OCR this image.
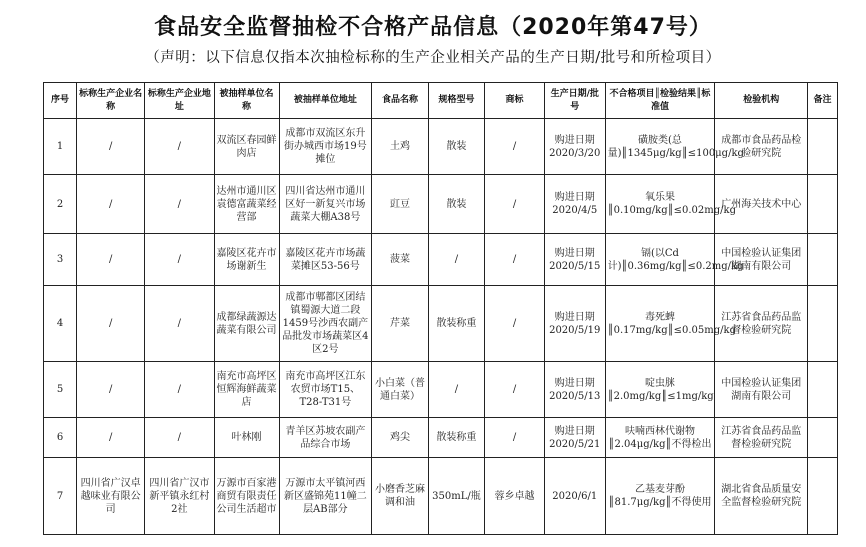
食品安全监督抽检不合格产品信息（2020年第47号）
（声明：以下信息仅指本次抽检标称的生产企业相关产品的生产日期/批号和所检项目）
序号	标称生产企业名称	标称生产企业地址	被抽样单位名称	被抽样单位地址	食品名称	规格型号	商标	生产日期/批号	不合格项目║检验结果║标准值	检验机构	备注
1	/	/	双流区春园鲜肉店	成都市双流区东升街办城西市场19号摊位	土鸡	散装	/	购进日期2020/3/20	磺胺类(总量)║1345μg/kg║≤100μg/kg	成都市食品药品检验研究院	
2	/	/	达州市通川区袁德富蔬菜经营部	四川省达州市通川区好一新复兴市场蔬菜大棚A38号	豇豆	散装	/	购进日期2020/4/5	氧乐果║0.10mg/kg║≤0.02mg/kg	广州海关技术中心	
3	/	/	嘉陵区花卉市场谢新生	嘉陵区花卉市场蔬菜摊区53-56号	菠菜	/	/	购进日期2020/5/15	镉(以Cd计)║0.36mg/kg║≤0.2mg/kg	中国检验认证集团湖南有限公司	
4	/	/	成都绿蔬源达蔬菜有限公司	成都市郫都区团结镇蜀源大道二段1459号沙西农副产品批发市场蔬菜区4区2号	芹菜	散装称重	/	购进日期2020/5/19	毒死蜱║0.17mg/kg║≤0.05mg/kg	江苏省食品药品监督检验研究院	
5	/	/	南充市高坪区恒辉海鲜蔬菜店	南充市高坪区江东农贸市场T15、T28-T31号	小白菜（普通白菜）	/	/	购进日期2020/5/13	啶虫脒║2.0mg/kg║≤1mg/kg	中国检验认证集团湖南有限公司	
6	/	/	叶林刚	青羊区苏坡农副产品综合市场	鸡尖	散装称重	/	购进日期2020/5/21	呋喃西林代谢物║2.04μg/kg║不得检出	江苏省食品药品监督检验研究院	
7	四川省广汉卓越味业有限公司	四川省广汉市新平镇永红村2社	万源市百家港商贸有限责任公司生活超市	万源市太平镇河西新区盛锦苑11幢二层AB部分	小磨香芝麻调和油	350mL/瓶	蓉乡卓越	2020/6/1	乙基麦芽酚║81.7μg/kg║不得使用	湖北省食品质量安全监督检验研究院	
